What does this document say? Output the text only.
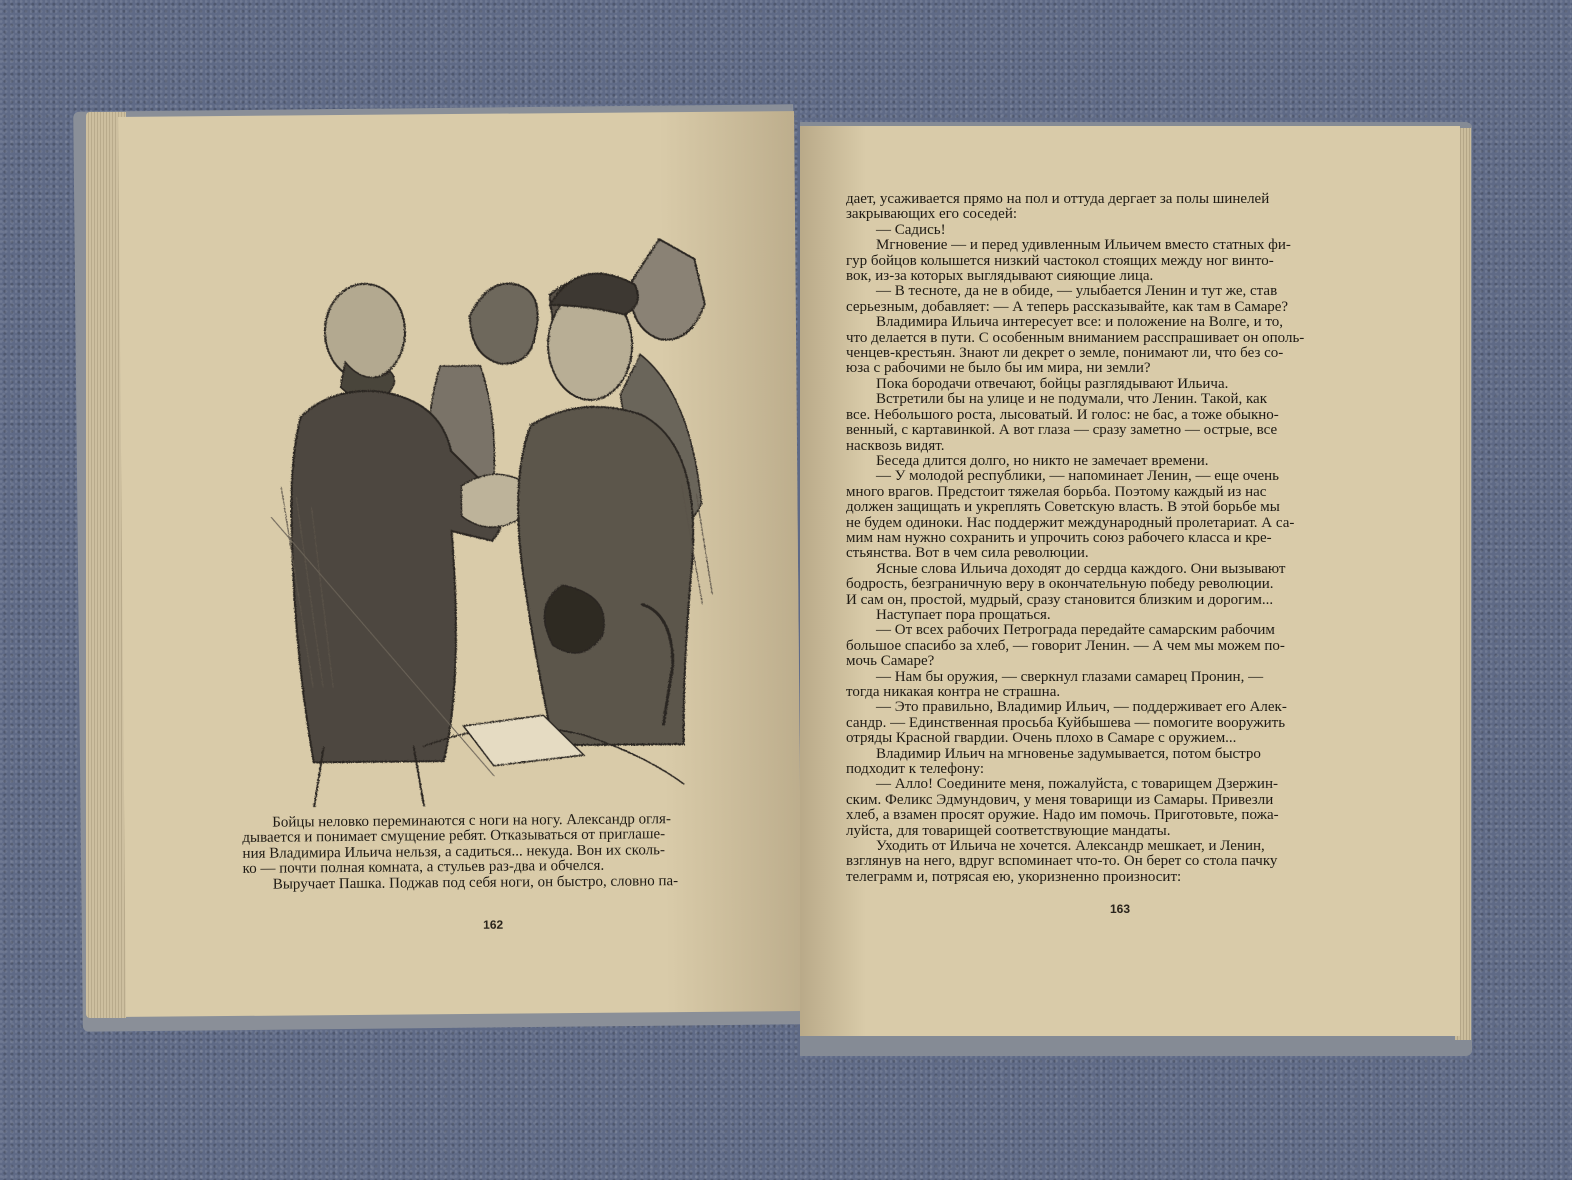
Бойцы неловко переминаются с ноги на ногу. Александр огля-

дывается и понимает смущение ребят. Отказываться от приглаше-

ния Владимира Ильича нельзя, а садиться... некуда. Вон их сколь-

ко — почти полная комната, а стульев раз-два и обчелся.

Выручает Пашка. Поджав под себя ноги, он быстро, словно па-

162

дает, усаживается прямо на пол и оттуда дергает за полы шинелей

закрывающих его соседей:

— Садись!

Мгновение — и перед удивленным Ильичем вместо статных фи-

гур бойцов колышется низкий частокол стоящих между ног винто-

вок, из-за которых выглядывают сияющие лица.

— В тесноте, да не в обиде, — улыбается Ленин и тут же, став

серьезным, добавляет: — А теперь рассказывайте, как там в Самаре?

Владимира Ильича интересует все: и положение на Волге, и то,

что делается в пути. С особенным вниманием расспрашивает он ополь-

ченцев-крестьян. Знают ли декрет о земле, понимают ли, что без со-

юза с рабочими не было бы им мира, ни земли?

Пока бородачи отвечают, бойцы разглядывают Ильича.

Встретили бы на улице и не подумали, что Ленин. Такой, как

все. Небольшого роста, лысоватый. И голос: не бас, а тоже обыкно-

венный, с картавинкой. А вот глаза — сразу заметно — острые, все

насквозь видят.

Беседа длится долго, но никто не замечает времени.

— У молодой республики, — напоминает Ленин, — еще очень

много врагов. Предстоит тяжелая борьба. Поэтому каждый из нас

должен защищать и укреплять Советскую власть. В этой борьбе мы

не будем одиноки. Нас поддержит международный пролетариат. А са-

мим нам нужно сохранить и упрочить союз рабочего класса и кре-

стьянства. Вот в чем сила революции.

Ясные слова Ильича доходят до сердца каждого. Они вызывают

бодрость, безграничную веру в окончательную победу революции.

И сам он, простой, мудрый, сразу становится близким и дорогим...

Наступает пора прощаться.

— От всех рабочих Петрограда передайте самарским рабочим

большое спасибо за хлеб, — говорит Ленин. — А чем мы можем по-

мочь Самаре?

— Нам бы оружия, — сверкнул глазами самарец Пронин, —

тогда никакая контра не страшна.

— Это правильно, Владимир Ильич, — поддерживает его Алек-

сандр. — Единственная просьба Куйбышева — помогите вооружить

отряды Красной гвардии. Очень плохо в Самаре с оружием...

Владимир Ильич на мгновенье задумывается, потом быстро

подходит к телефону:

— Алло! Соедините меня, пожалуйста, с товарищем Дзержин-

ским. Феликс Эдмундович, у меня товарищи из Самары. Привезли

хлеб, а взамен просят оружие. Надо им помочь. Приготовьте, пожа-

луйста, для товарищей соответствующие мандаты.

Уходить от Ильича не хочется. Александр мешкает, и Ленин,

взглянув на него, вдруг вспоминает что-то. Он берет со стола пачку

телеграмм и, потрясая ею, укоризненно произносит:

163
